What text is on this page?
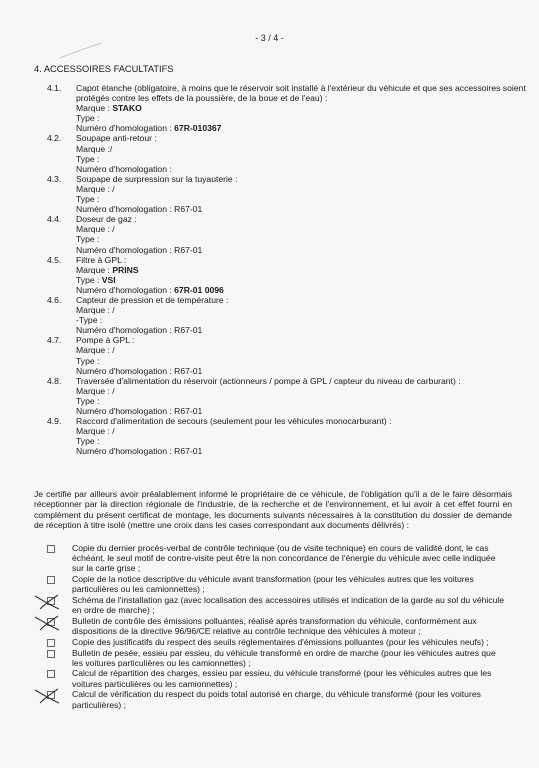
- 3 / 4 -
4. ACCESSOIRES FACULTATIFS
4.1. Capot étanche (obligatoire, à moins que le réservoir soit installé à l'extérieur du véhicule et que ses accessoires soient protégés contre les effets de la poussière, de la boue et de l'eau) :
Marque : STAKO
Type :
Numéro d'homologation : 67R-010367
4.2. Soupape anti-retour :
Marque :/
Type :
Numéro d'homologation :
4.3. Soupape de surpression sur la tuyauterie :
Marque : /
Type :
Numéro d'homologation : R67-01
4.4. Doseur de gaz :
Marque : /
Type :
Numéro d'homologation : R67-01
4.5. Filtre à GPL :
Marque : PRINS
Type : VSI
Numéro d'homologation : 67R-01 0096
4.6. Capteur de pression et de température :
Marque : /
-Type :
Numéro d'homologation : R67-01
4.7. Pompe à GPL :
Marque : /
Type :
Numéro d'homologation : R67-01
4.8. Traversée d'alimentation du réservoir (actionneurs / pompe à GPL / capteur du niveau de carburant) :
Marque : /
Type :
Numéro d'homologation : R67-01
4.9. Raccord d'alimentation de secours (seulement pour les véhicules monocarburant) :
Marque : /
Type :
Numéro d'homologation : R67-01
Je certifie par ailleurs avoir préalablement informé le propriétaire de ce véhicule, de l'obligation qu'il a de le faire désormais réceptionner par la direction régionale de l'industrie, de la recherche et de l'environnement, et lui avoir à cet effet fourni en complément du présent certificat de montage, les documents suivants nécessaires à la constitution du dossier de demande de réception à titre isolé (mettre une croix dans les cases correspondant aux documents délivrés) :
Copie du dernier procès-verbal de contrôle technique (ou de visite technique) en cours de validité dont, le cas échéant, le seul motif de contre-visite peut être la non concordance de l'énergie du véhicule avec celle indiquée sur la carte grise ;
Copie de la notice descriptive du véhicule avant transformation (pour les véhicules autres que les voitures particulières ou les camionnettes) ;
Schéma de l'installation gaz (avec localisation des accessoires utilisés et indication de la garde au sol du véhicule en ordre de marche) ;
Bulletin de contrôle des émissions polluantes, réalisé après transformation du véhicule, conformément aux dispositions de la directive 96/96/CE relative au contrôle technique des véhicules à moteur ;
Copie des justificatifs du respect des seuils réglementaires d'émissions polluantes (pour les véhicules neufs) ;
Bulletin de pesée, essieu par essieu, du véhicule transformé en ordre de marche (pour les véhicules autres que les voitures particulières ou les camionnettes) ;
Calcul de répartition des charges, essieu par essieu, du véhicule transformé (pour les véhicules autres que les voitures particulières ou les camionnettes) ;
Calcul de vérification du respect du poids total autorisé en charge, du véhicule transformé (pour les voitures particulières) ;
